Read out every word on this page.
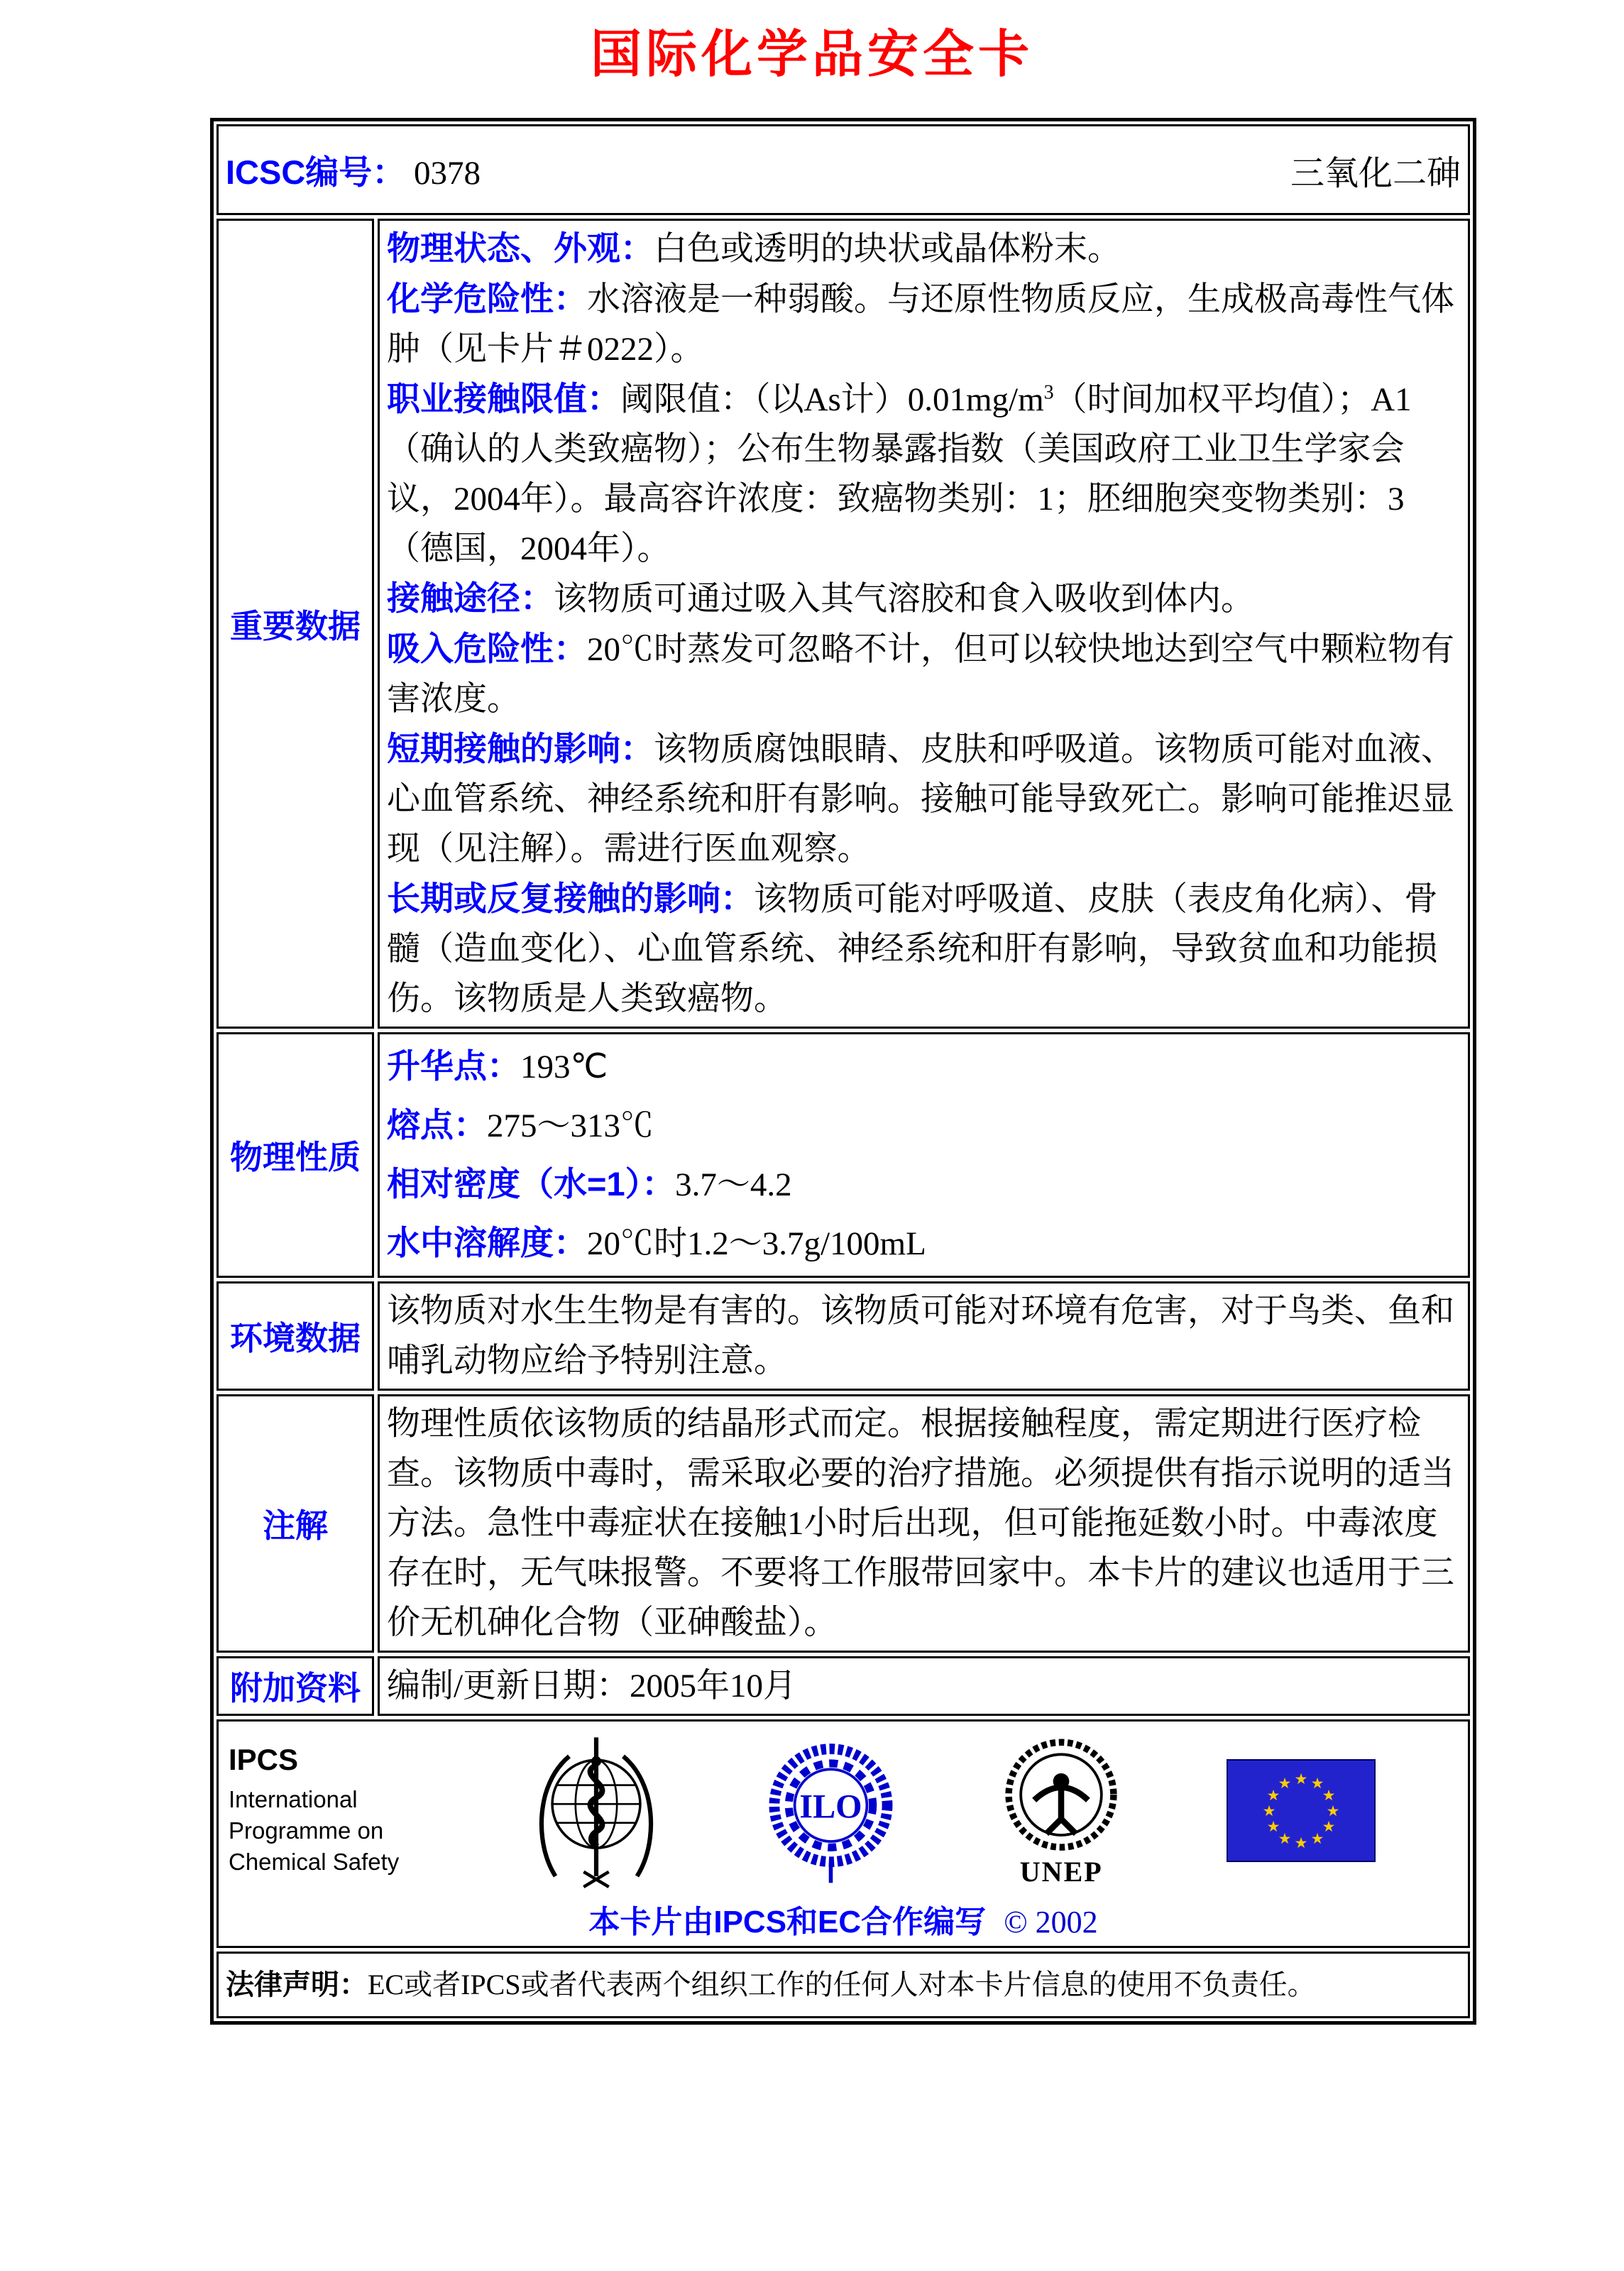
国际化学品安全卡
ICSC编号： 0378	三氧化二砷
重要数据
物理状态、外观：白色或透明的块状或晶体粉末。
化学危险性：水溶液是一种弱酸。与还原性物质反应，生成极高毒性气体肿（见卡片＃0222）。
职业接触限值：阈限值：（以As计）$0.01mg/m^3$（时间加权平均值）；A1（确认的人类致癌物）；公布生物暴露指数（美国政府工业卫生学家会议，2004年）。最高容许浓度：致癌物类别：1；胚细胞突变物类别：3（德国，2004年）。
接触途径：该物质可通过吸入其气溶胶和食入吸收到体内。
吸入危险性：20℃时蒸发可忽略不计，但可以较快地达到空气中颗粒物有害浓度。
短期接触的影响：该物质腐蚀眼睛、皮肤和呼吸道。该物质可能对血液、心血管系统、神经系统和肝有影响。接触可能导致死亡。影响可能推迟显现（见注解）。需进行医血观察。
长期或反复接触的影响：该物质可能对呼吸道、皮肤（表皮角化病）、骨髓（造血变化）、心血管系统、神经系统和肝有影响，导致贫血和功能损伤。该物质是人类致癌物。
物理性质
升华点：193℃
熔点：275～313℃
相对密度（水=1）：3.7～4.2
水中溶解度：20℃时1.2～3.7g/100mL
环境数据
该物质对水生生物是有害的。该物质可能对环境有危害，对于鸟类、鱼和哺乳动物应给予特别注意。
注解
物理性质依该物质的结晶形式而定。根据接触程度，需定期进行医疗检查。该物质中毒时，需采取必要的治疗措施。必须提供有指示说明的适当方法。急性中毒症状在接触1小时后出现，但可能拖延数小时。中毒浓度存在时，无气味报警。不要将工作服带回家中。本卡片的建议也适用于三价无机砷化合物（亚砷酸盐）。
附加资料 编制/更新日期：2005年10月
IPCS
International
Programme on
Chemical Safety
ILO
UNEP
★ ★
★
★
★
★
★
★
★
★
★
★
本卡片由IPCS和EC合作编写 © 2002
法律声明：EC或者IPCS或者代表两个组织工作的任何人对本卡片信息的使用不负责任。
